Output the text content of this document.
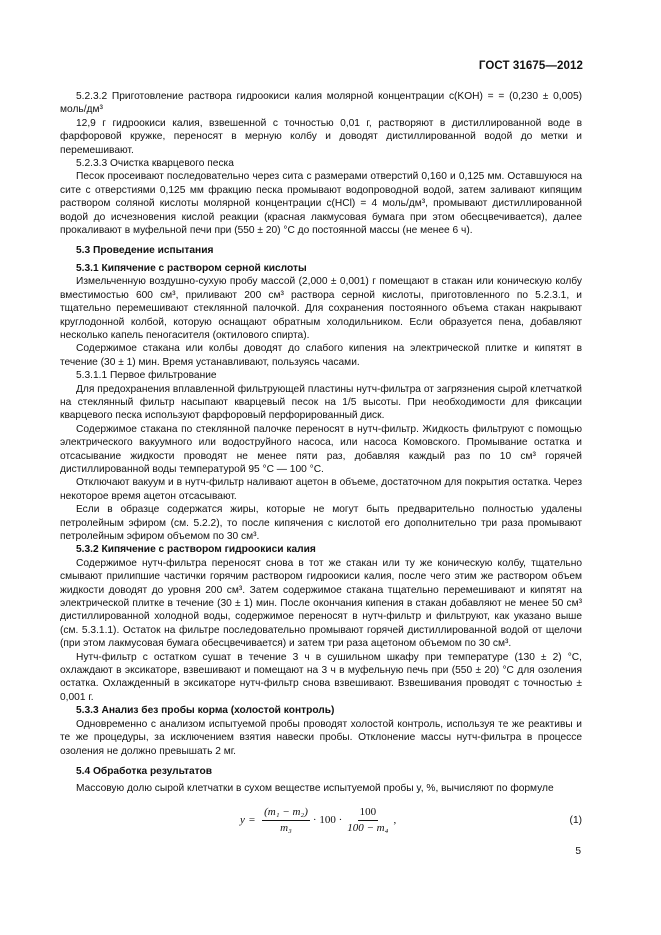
ГОСТ 31675—2012

5.2.3.2 Приготовление раствора гидроокиси калия молярной концентрации c(KOH) = = (0,230 ± 0,005) моль/дм³

12,9 г гидроокиси калия, взвешенной с точностью 0,01 г, растворяют в дистиллированной воде в фарфоровой кружке, переносят в мерную колбу и доводят дистиллированной водой до метки и перемешивают.

5.2.3.3 Очистка кварцевого песка

Песок просеивают последовательно через сита с размерами отверстий 0,160 и 0,125 мм. Оставшуюся на сите с отверстиями 0,125 мм фракцию песка промывают водопроводной водой, затем заливают кипящим раствором соляной кислоты молярной концентрации c(HCl) = 4 моль/дм³, промывают дистиллированной водой до исчезновения кислой реакции (красная лакмусовая бумага при этом обесцвечивается), далее прокаливают в муфельной печи при (550 ± 20) °C до постоянной массы (не менее 6 ч).

5.3 Проведение испытания
5.3.1 Кипячение с раствором серной кислоты

Измельченную воздушно-сухую пробу массой (2,000 ± 0,001) г помещают в стакан или коническую колбу вместимостью 600 см³, приливают 200 см³ раствора серной кислоты, приготовленного по 5.2.3.1, и тщательно перемешивают стеклянной палочкой. Для сохранения постоянного объема стакан накрывают круглодонной колбой, которую оснащают обратным холодильником. Если образуется пена, добавляют несколько капель пеногасителя (октилового спирта).

Содержимое стакана или колбы доводят до слабого кипения на электрической плитке и кипятят в течение (30 ± 1) мин. Время устанавливают, пользуясь часами.

5.3.1.1 Первое фильтрование

Для предохранения вплавленной фильтрующей пластины нутч-фильтра от загрязнения сырой клетчаткой на стеклянный фильтр насыпают кварцевый песок на 1/5 высоты. При необходимости для фиксации кварцевого песка используют фарфоровый перфорированный диск.

Содержимое стакана по стеклянной палочке переносят в нутч-фильтр. Жидкость фильтруют с помощью электрического вакуумного или водоструйного насоса, или насоса Комовского. Промывание остатка и отсасывание жидкости проводят не менее пяти раз, добавляя каждый раз по 10 см³ горячей дистиллированной воды температурой 95 °C — 100 °C.

Отключают вакуум и в нутч-фильтр наливают ацетон в объеме, достаточном для покрытия остатка. Через некоторое время ацетон отсасывают.

Если в образце содержатся жиры, которые не могут быть предварительно полностью удалены петролейным эфиром (см. 5.2.2), то после кипячения с кислотой его дополнительно три раза промывают петролейным эфиром объемом по 30 см³.

5.3.2 Кипячение с раствором гидроокиси калия

Содержимое нутч-фильтра переносят снова в тот же стакан или ту же коническую колбу, тщательно смывают прилипшие частички горячим раствором гидроокиси калия, после чего этим же раствором объем жидкости доводят до уровня 200 см³. Затем содержимое стакана тщательно перемешивают и кипятят на электрической плитке в течение (30 ± 1) мин. После окончания кипения в стакан добавляют не менее 50 см³ дистиллированной холодной воды, содержимое переносят в нутч-фильтр и фильтруют, как указано выше (см. 5.3.1.1). Остаток на фильтре последовательно промывают горячей дистиллированной водой от щелочи (при этом лакмусовая бумага обесцвечивается) и затем три раза ацетоном объемом по 30 см³.

Нутч-фильтр с остатком сушат в течение 3 ч в сушильном шкафу при температуре (130 ± 2) °C, охлаждают в эксикаторе, взвешивают и помещают на 3 ч в муфельную печь при (550 ± 20) °C для озоления остатка. Охлажденный в эксикаторе нутч-фильтр снова взвешивают. Взвешивания проводят с точностью ± 0,001 г.

5.3.3 Анализ без пробы корма (холостой контроль)

Одновременно с анализом испытуемой пробы проводят холостой контроль, используя те же реактивы и те же процедуры, за исключением взятия навески пробы. Отклонение массы нутч-фильтра в процессе озоления не должно превышать 2 мг.

5.4 Обработка результатов

Массовую долю сырой клетчатки в сухом веществе испытуемой пробы y, %, вычисляют по формуле

$y = \frac{\text{(m₁ − m₂)}}{\text{m₃}} \cdot 100 \cdot \frac{100}{\text{100 − m₄}}$ ,	(1)
5
